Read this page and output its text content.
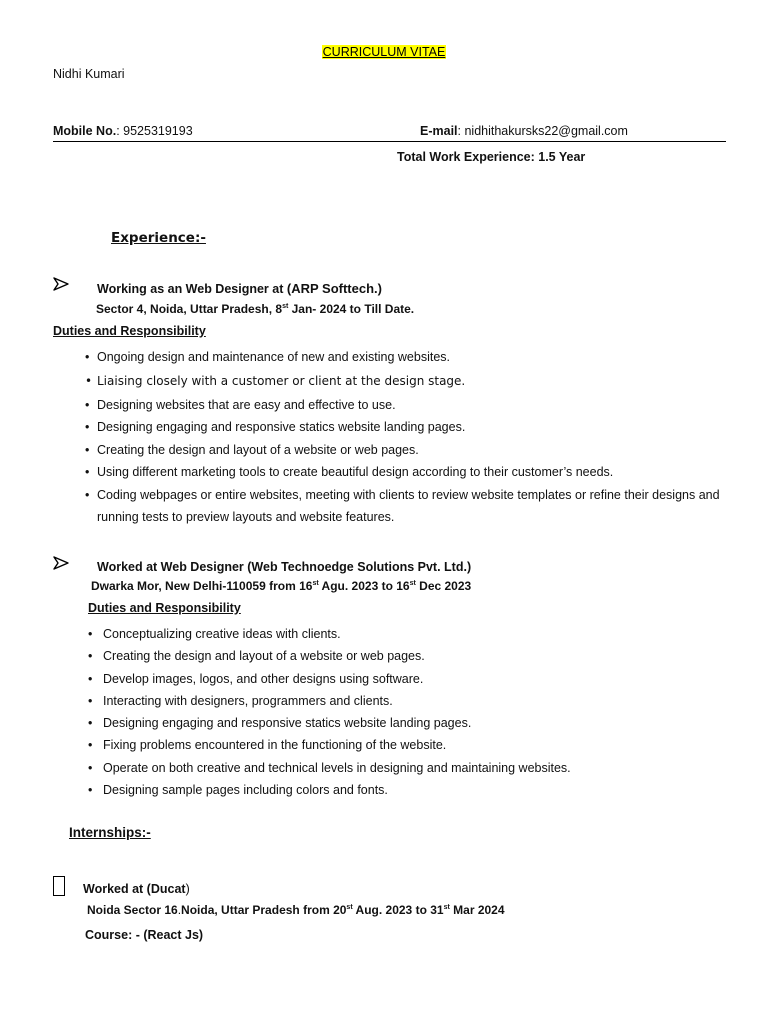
CURRICULUM VITAE
Nidhi Kumari
Mobile No.: 9525319193	E-mail: nidhithakursks22@gmail.com
Total Work Experience: 1.5 Year
Experience:-
Working as an Web Designer at (ARP Softtech.)
Sector 4, Noida, Uttar Pradesh, 8st Jan- 2024 to Till Date.
Duties and Responsibility
• Ongoing design and maintenance of new and existing websites.
• Liaising closely with a customer or client at the design stage.
• Designing websites that are easy and effective to use.
• Designing engaging and responsive statics website landing pages.
• Creating the design and layout of a website or web pages.
• Using different marketing tools to create beautiful design according to their customer’s needs.
• Coding webpages or entire websites, meeting with clients to review website templates or refine their designs and running tests to preview layouts and website features.
Worked at Web Designer (Web Technoedge Solutions Pvt. Ltd.)
Dwarka Mor, New Delhi-110059 from 16st Agu. 2023 to 16st Dec 2023
Duties and Responsibility
• Conceptualizing creative ideas with clients.
• Creating the design and layout of a website or web pages.
• Develop images, logos, and other designs using software.
• Interacting with designers, programmers and clients.
• Designing engaging and responsive statics website landing pages.
• Fixing problems encountered in the functioning of the website.
• Operate on both creative and technical levels in designing and maintaining websites.
• Designing sample pages including colors and fonts.
Internships:-
Worked at (Ducat)
Noida Sector 16.Noida, Uttar Pradesh from 20st Aug. 2023 to 31st Mar 2024
Course: - (React Js)
